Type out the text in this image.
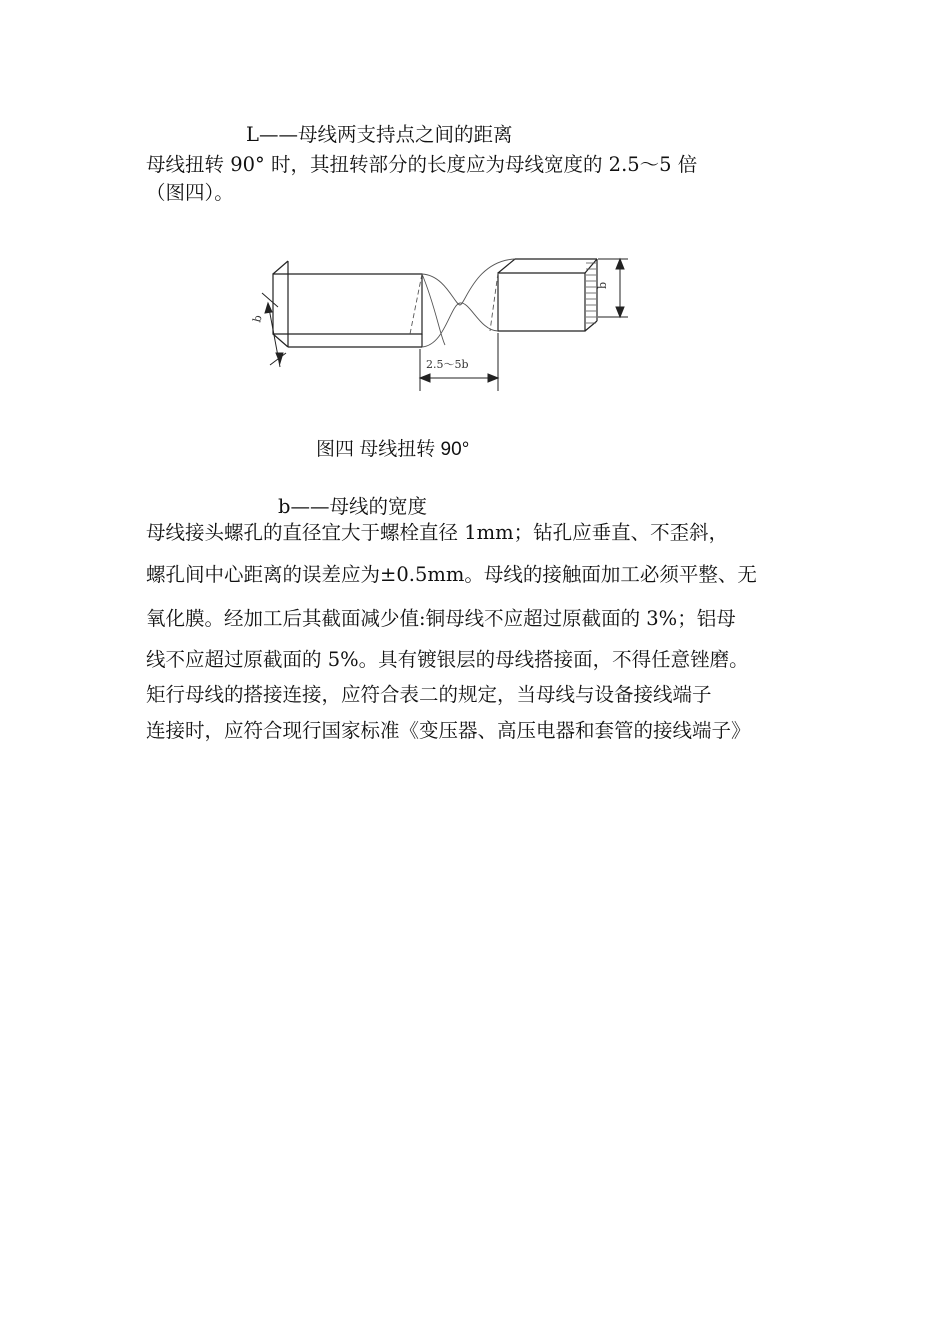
L——母线两支持点之间的距离
母线扭转 90° 时，其扭转部分的长度应为母线宽度的 2.5～5 倍
（图四）。
b
b
2.5～5b
图四 母线扭转 90°
b——母线的宽度
母线接头螺孔的直径宜大于螺栓直径 1mm；钻孔应垂直、不歪斜，
螺孔间中心距离的误差应为±0.5mm。母线的接触面加工必须平整、无
氧化膜。经加工后其截面减少值:铜母线不应超过原截面的 3%；铝母
线不应超过原截面的 5%。具有镀银层的母线搭接面，不得任意锉磨。
矩行母线的搭接连接，应符合表二的规定，当母线与设备接线端子
连接时，应符合现行国家标准《变压器、高压电器和套管的接线端子》
